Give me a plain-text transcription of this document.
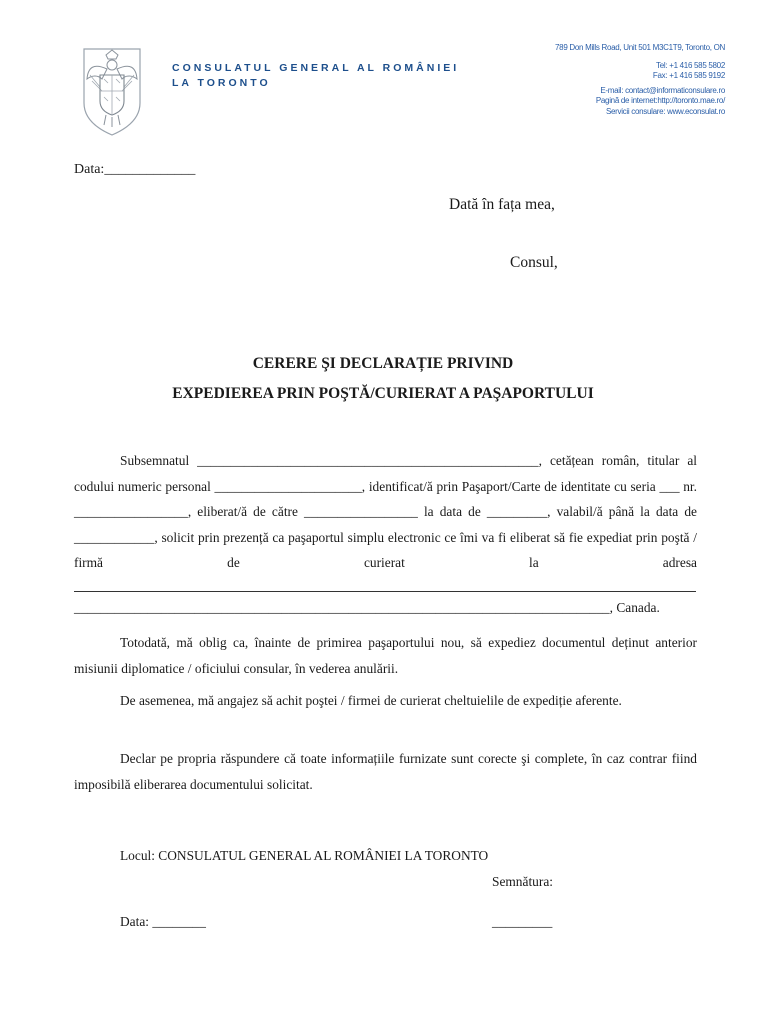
CONSULATUL GENERAL AL ROMÂNIEI LA TORONTO
789 Don Mills Road, Unit 501 M3C1T9, Toronto, ON
Tel: +1 416 585 5802
Fax: +1 416 585 9192
E-mail: contact@informaticonsulare.ro
Pagină de internet:http://toronto.mae.ro/
Servicii consulare: www.econsulat.ro
Data:_____________
Dată în fața mea,
Consul,
CERERE ŞI DECLARAȚIE PRIVIND
EXPEDIEREA PRIN POŞTĂ/CURIERAT A PAŞAPORTULUI
Subsemnatul ___________________________________________________, cetățean român, titular al codului numeric personal ______________________, identificat/ă prin Paşaport/Carte de identitate cu seria ___ nr. _________________, eliberat/ă de către _________________ la data de _________, valabil/ă până la data de ____________, solicit prin prezență ca paşaportul simplu electronic ce îmi va fi eliberat să fie expediat prin poştă / firmă de curierat la adresa
________________________________________________________________________________, Canada.
Totodată, mă oblig ca, înainte de primirea paşaportului nou, să expediez documentul deținut anterior misiunii diplomatice / oficiului consular, în vederea anulării.
De asemenea, mă angajez să achit poştei / firmei de curierat cheltuielile de expediție aferente.
Declar pe propria răspundere că toate informațiile furnizate sunt corecte şi complete, în caz contrar fiind imposibilă eliberarea documentului solicitat.
Locul: CONSULATUL GENERAL AL ROMÂNIEI LA TORONTO
Semnătura:
Data: ________	_________
